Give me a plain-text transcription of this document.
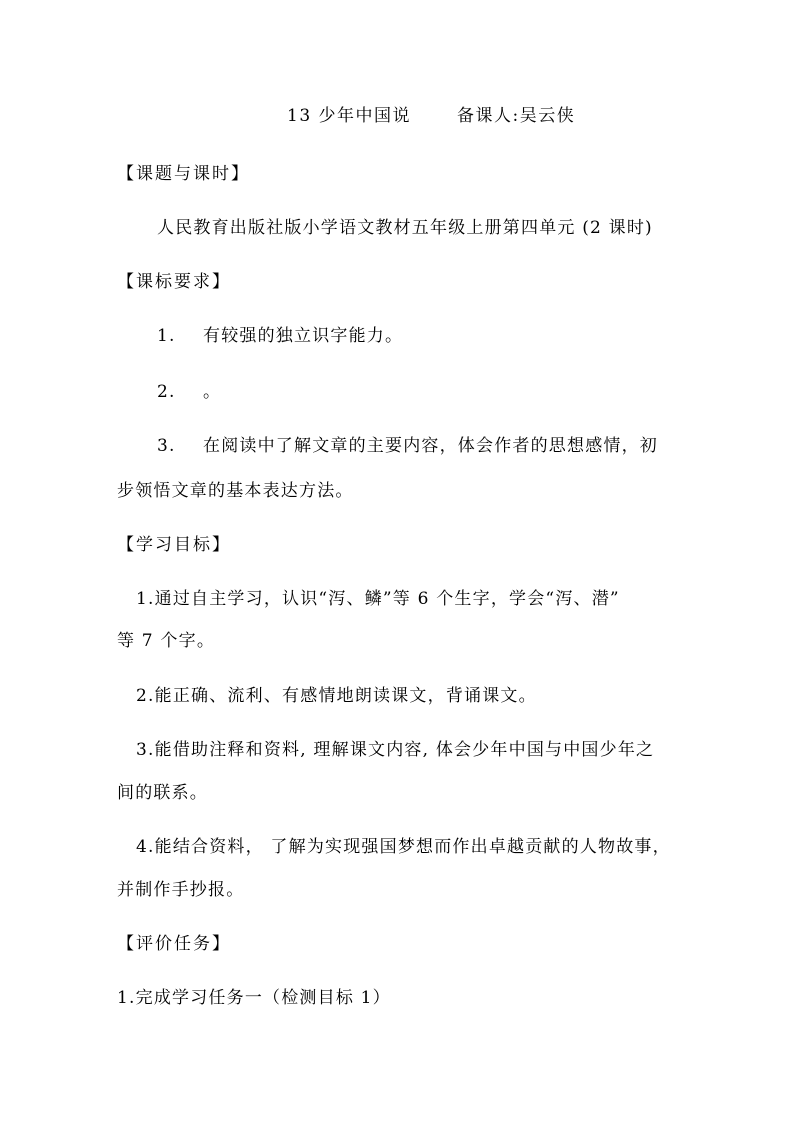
13 少年中国说	备课人:吴云侠
【课题与课时】
人民教育出版社版小学语文教材五年级上册第四单元 (2 课时)
【课标要求】
1. 有较强的独立识字能力。
2. 。
3. 在阅读中了解文章的主要内容，体会作者的思想感情，初
步领悟文章的基本表达方法。
【学习目标】
1.通过自主学习，认识“泻、鳞”等 6 个生字，学会“泻、潜”
等 7 个字。
2.能正确、流利、有感情地朗读课文，背诵课文。
3.能借助注释和资料, 理解课文内容, 体会少年中国与中国少年之
间的联系。
4.能结合资料， 了解为实现强国梦想而作出卓越贡献的人物故事，
并制作手抄报。
【评价任务】
1.完成学习任务一（检测目标 1）
